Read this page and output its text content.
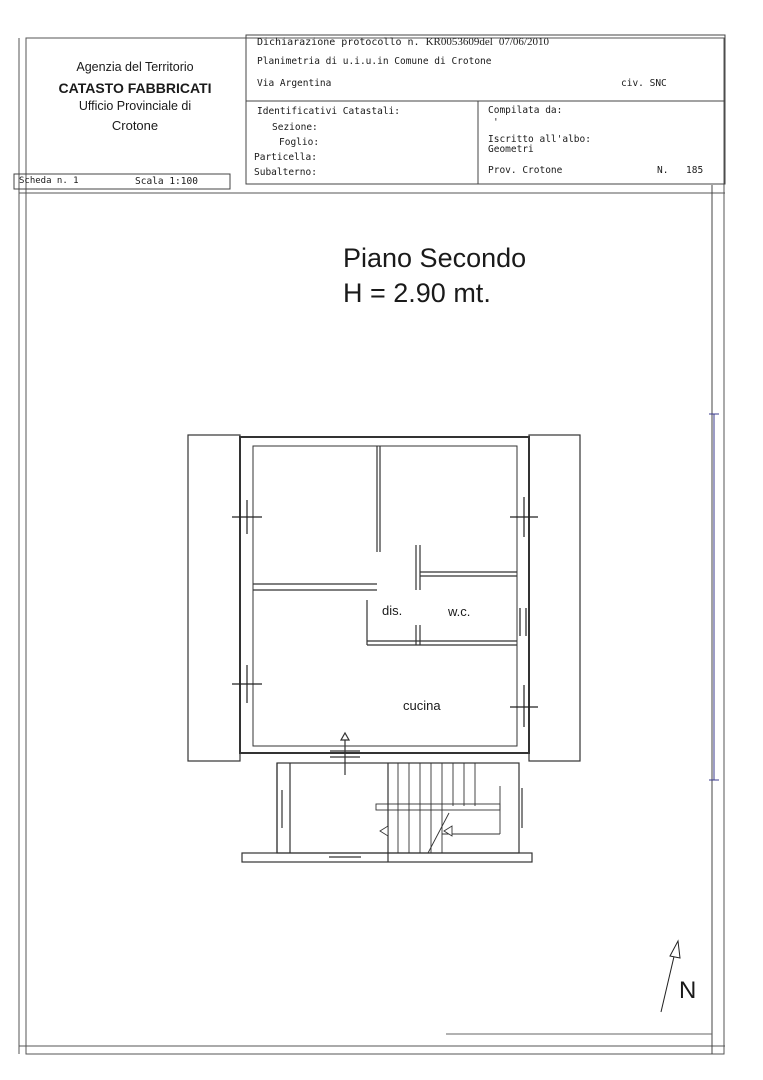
Agenzia del Territorio
CATASTO FABBRICATI
Ufficio Provinciale di
Crotone
Dichiarazione protocollo n. KR0053609del 07/06/2010
Planimetria di u.i.u.in Comune di Crotone
Via Argentina	civ. SNC
Identificativi Catastali:
Sezione:
Foglio:
Particella:
Subalterno:
Compilata da:
'
Iscritto all'albo:
Geometri
Prov. Crotone	N. 185
Scheda n. 1	Scala 1:100
Piano Secondo
H = 2.90 mt.
dis.	w.c.
cucina
N
